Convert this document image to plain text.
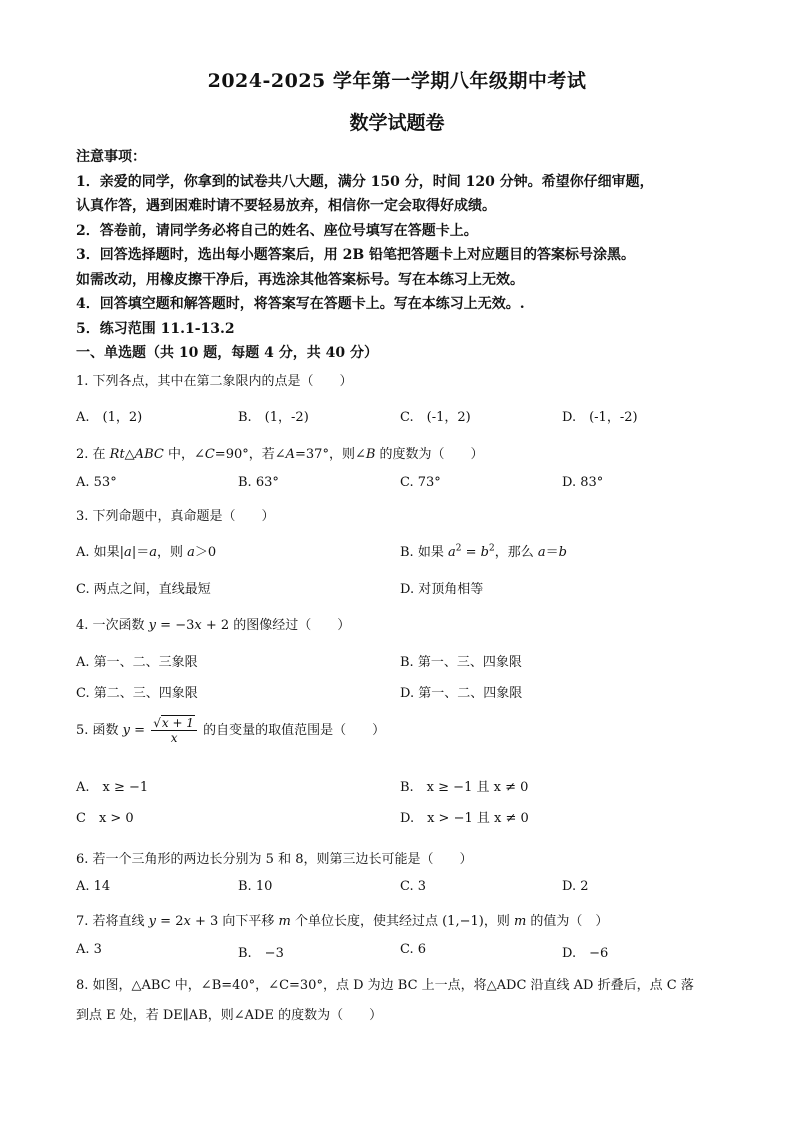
2024-2025 学年第一学期八年级期中考试
数学试题卷
注意事项：
1．亲爱的同学，你拿到的试卷共八大题，满分 150 分，时间 120 分钟。希望你仔细审题，
认真作答，遇到困难时请不要轻易放弃，相信你一定会取得好成绩。
2．答卷前，请同学务必将自己的姓名、座位号填写在答题卡上。
3．回答选择题时，选出每小题答案后，用 2B 铅笔把答题卡上对应题目的答案标号涂黑。
如需改动，用橡皮擦干净后，再选涂其他答案标号。写在本练习上无效。
4．回答填空题和解答题时，将答案写在答题卡上。写在本练习上无效。.
5．练习范围 11.1-13.2
一、单选题（共 10 题，每题 4 分，共 40 分）
1. 下列各点，其中在第二象限内的点是（　　）
A.　(1，2)	B.　(1，-2)	C.　(-1，2)	D.　(-1，-2)
2. 在 Rt△ABC 中，∠C=90°，若∠A=37°，则∠B 的度数为（　　）
A. 53°	B. 63°	C. 73°	D. 83°
3. 下列命题中，真命题是（　　）
A. 如果|a|＝a，则 a＞0	B. 如果 $a^2 = b^2$，那么 a＝b
C. 两点之间，直线最短	D. 对顶角相等
4. 一次函数 y = −3x + 2 的图像经过（　　）
A. 第一、二、三象限	B. 第一、三、四象限
C. 第二、三、四象限	D. 第一、二、四象限
5. 函数 $y = \frac{√x + 1}{x}$ 的自变量的取值范围是（　　）
A.　x ≥ −1	B.　x ≥ −1 且 x ≠ 0
C　x > 0	D.　x > −1 且 x ≠ 0
6. 若一个三角形的两边长分别为 5 和 8，则第三边长可能是（　　）
A. 14	B. 10	C. 3	D. 2
7. 若将直线 y = 2x + 3 向下平移 m 个单位长度，使其经过点 (1,−1)，则 m 的值为（　）
A. 3	B.　−3	C. 6	D.　−6
8. 如图，△ABC 中，∠B=40°，∠C=30°，点 D 为边 BC 上一点，将△ADC 沿直线 AD 折叠后，点 C 落
到点 E 处，若 DE∥AB，则∠ADE 的度数为（　　）
